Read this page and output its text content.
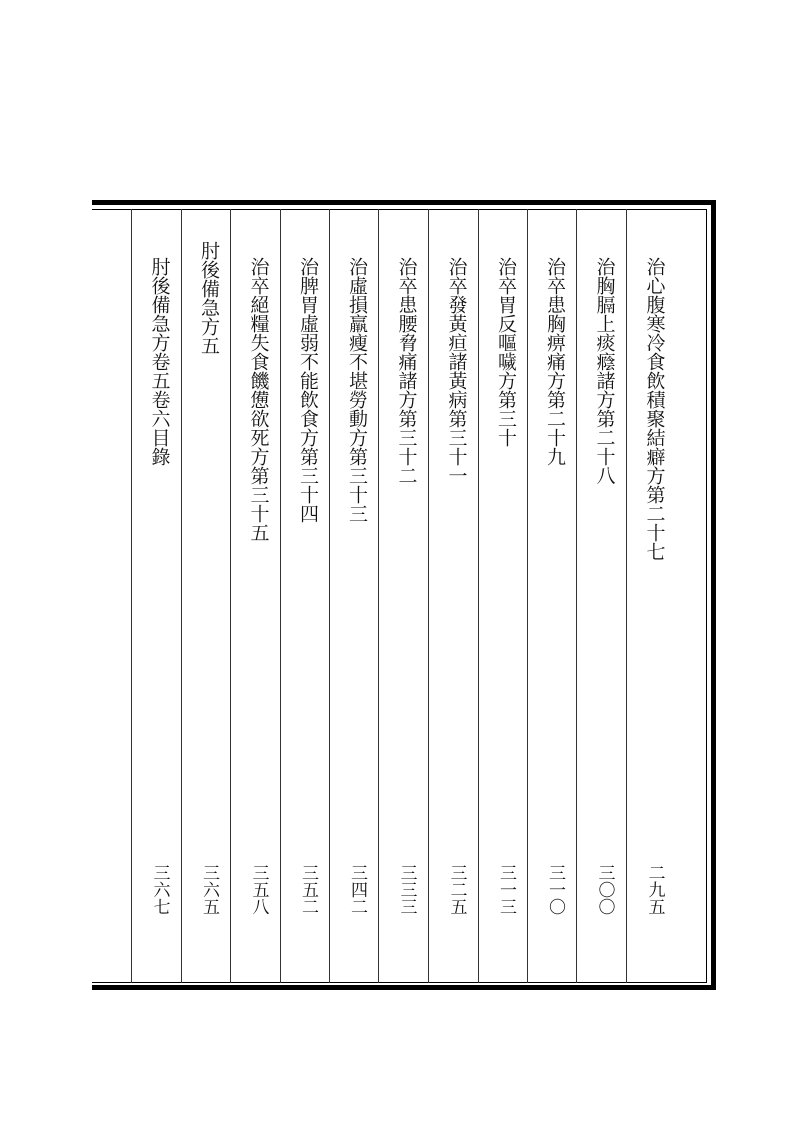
治心腹寒冷食飲積聚結癖方第二十七
二九五
治胸膈上痰癊諸方第二十八
三〇〇
治卒患胸痹痛方第二十九
三一〇
治卒胃反嘔噦方第三十
三一三
治卒發黃疸諸黃病第三十一
三二五
治卒患腰脅痛諸方第三十二
三三三
治虛損羸瘦不堪勞動方第三十三
三四二
治脾胃虛弱不能飲食方第三十四
三五二
治卒絕糧失食饑憊欲死方第三十五
三五八
肘後備急方五
三六五
肘後備急方卷五卷六目錄
三六七
